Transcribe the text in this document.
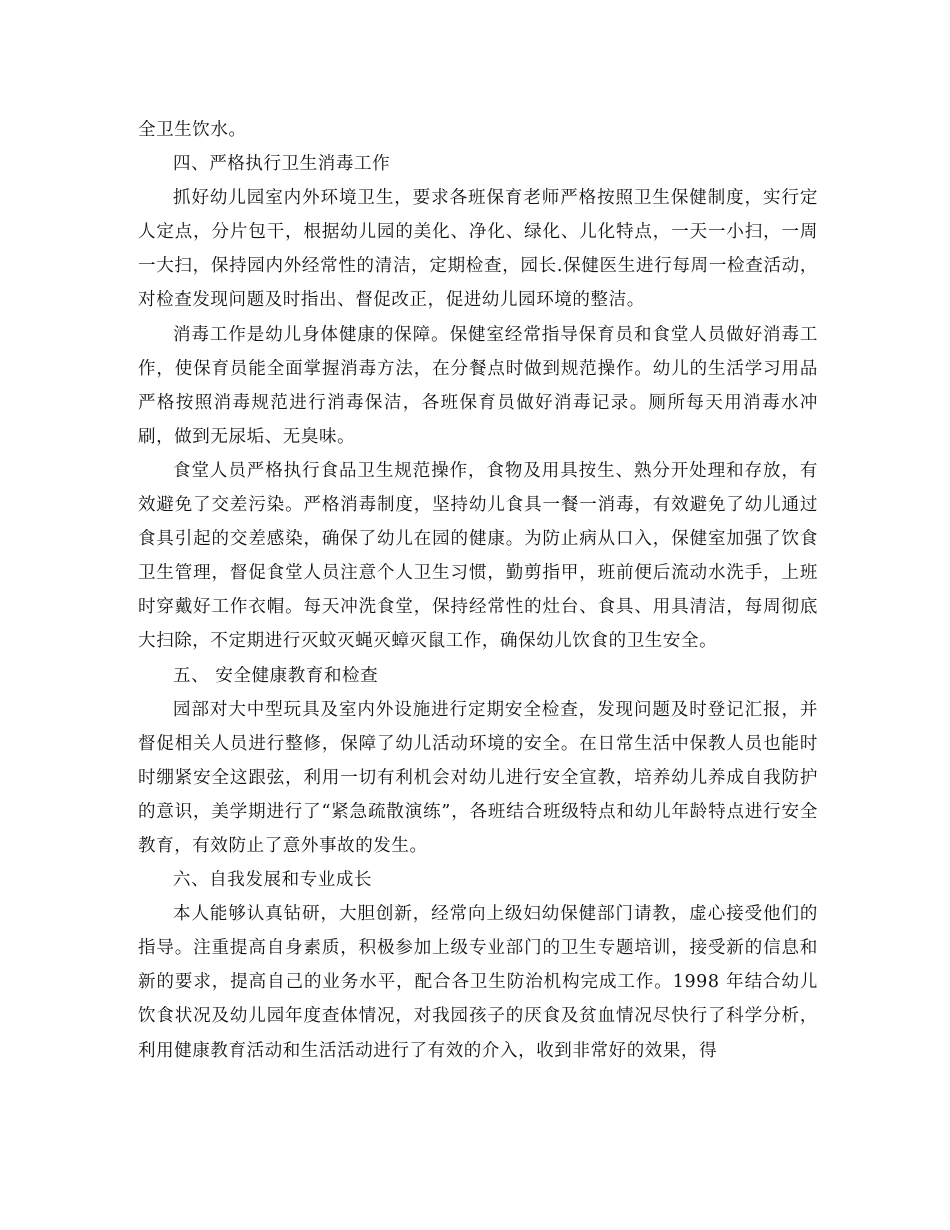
全卫生饮水。

四、严格执行卫生消毒工作

抓好幼儿园室内外环境卫生，要求各班保育老师严格按照卫生保健制度，实行定人定点，分片包干，根据幼儿园的美化、净化、绿化、儿化特点，一天一小扫，一周一大扫，保持园内外经常性的清洁，定期检查，园长.保健医生进行每周一检查活动，对检查发现问题及时指出、督促改正，促进幼儿园环境的整洁。

消毒工作是幼儿身体健康的保障。保健室经常指导保育员和食堂人员做好消毒工作，使保育员能全面掌握消毒方法，在分餐点时做到规范操作。幼儿的生活学习用品严格按照消毒规范进行消毒保洁，各班保育员做好消毒记录。厕所每天用消毒水冲刷，做到无尿垢、无臭味。

食堂人员严格执行食品卫生规范操作，食物及用具按生、熟分开处理和存放，有效避免了交差污染。严格消毒制度，坚持幼儿食具一餐一消毒，有效避免了幼儿通过食具引起的交差感染，确保了幼儿在园的健康。为防止病从口入，保健室加强了饮食卫生管理，督促食堂人员注意个人卫生习惯，勤剪指甲，班前便后流动水洗手，上班时穿戴好工作衣帽。每天冲洗食堂，保持经常性的灶台、食具、用具清洁，每周彻底大扫除，不定期进行灭蚊灭蝇灭蟑灭鼠工作，确保幼儿饮食的卫生安全。

五、 安全健康教育和检查

园部对大中型玩具及室内外设施进行定期安全检查，发现问题及时登记汇报，并督促相关人员进行整修，保障了幼儿活动环境的安全。在日常生活中保教人员也能时时绷紧安全这跟弦，利用一切有利机会对幼儿进行安全宣教，培养幼儿养成自我防护的意识，美学期进行了“紧急疏散演练”，各班结合班级特点和幼儿年龄特点进行安全教育，有效防止了意外事故的发生。

六、自我发展和专业成长

本人能够认真钻研，大胆创新，经常向上级妇幼保健部门请教，虚心接受他们的指导。注重提高自身素质，积极参加上级专业部门的卫生专题培训，接受新的信息和新的要求，提高自己的业务水平，配合各卫生防治机构完成工作。1998 年结合幼儿饮食状况及幼儿园年度查体情况，对我园孩子的厌食及贫血情况尽快行了科学分析，利用健康教育活动和生活活动进行了有效的介入，收到非常好的效果，得
